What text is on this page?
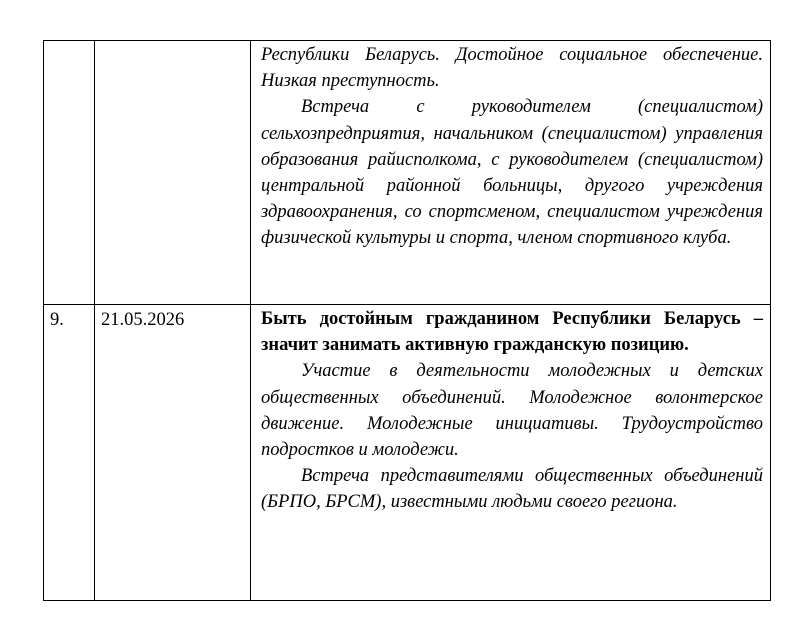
		Республики Беларусь. Достойное социальное обеспечение. Низкая преступность.

Встреча с руководителем (специалистом) сельхозпредприятия, начальником (специалистом) управления образования райисполкома, с руководителем (специалистом) центральной районной больницы, другого учреждения здравоохранения, со спортсменом, специалистом учреждения физической культуры и спорта, членом спортивного клуба.

9.	21.05.2026	Быть достойным гражданином Республики Беларусь – значит занимать активную гражданскую позицию.

Участие в деятельности молодежных и детских общественных объединений. Молодежное волонтерское движение. Молодежные инициативы. Трудоустройство подростков и молодежи.

Встреча представителями общественных объединений (БРПО, БРСМ), известными людьми своего региона.
